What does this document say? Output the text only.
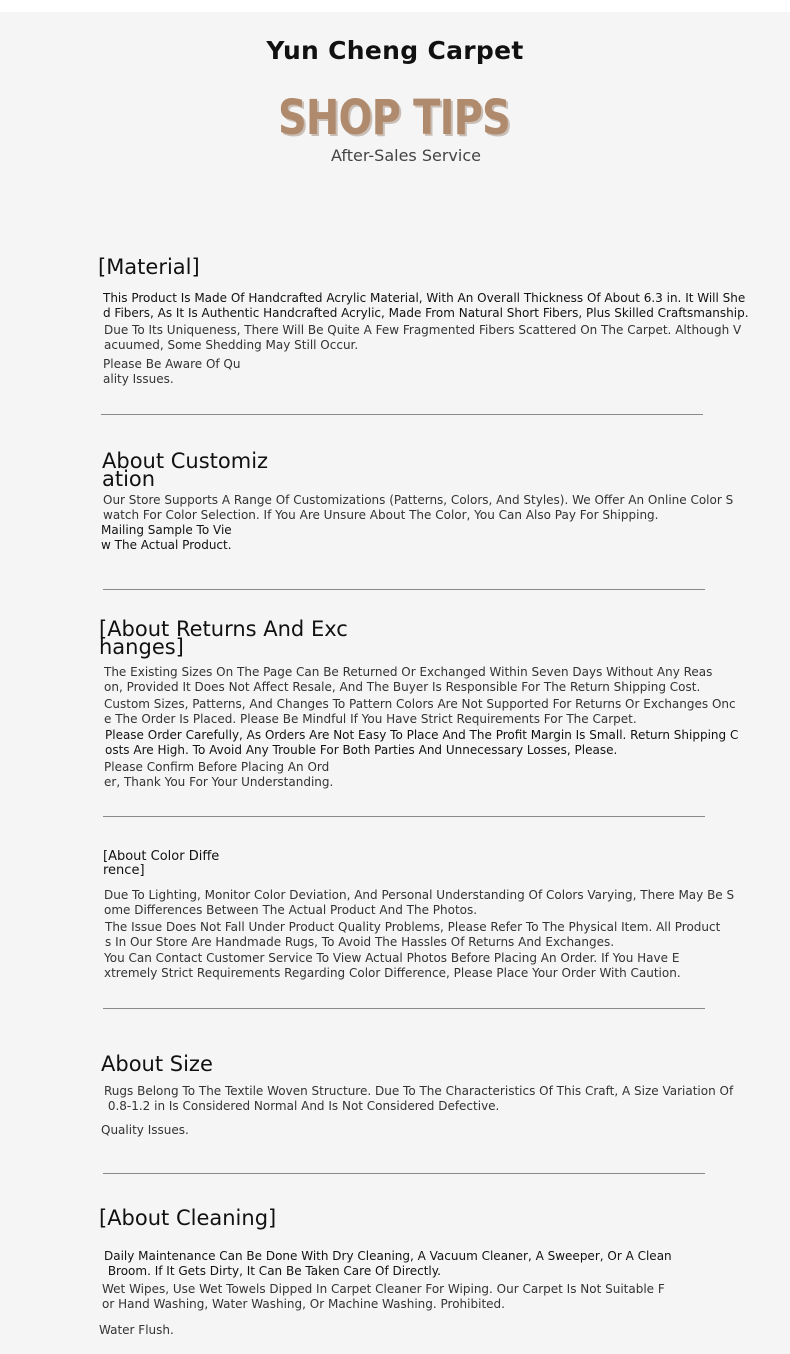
Yun Cheng Carpet
SHOP TIPS
SHOP TIPS
After-Sales Service
[Material]
This Product Is Made Of Handcrafted Acrylic Material, With An Overall Thickness Of About 6.3 in. It Will She
d Fibers, As It Is Authentic Handcrafted Acrylic, Made From Natural Short Fibers, Plus Skilled Craftsmanship.
Due To Its Uniqueness, There Will Be Quite A Few Fragmented Fibers Scattered On The Carpet. Although V
acuumed, Some Shedding May Still Occur.
Please Be Aware Of Qu
ality Issues.
About Customiz
ation
Our Store Supports A Range Of Customizations (Patterns, Colors, And Styles). We Offer An Online Color S
watch For Color Selection. If You Are Unsure About The Color, You Can Also Pay For Shipping.
Mailing Sample To Vie
w The Actual Product.
[About Returns And Exc
hanges]
The Existing Sizes On The Page Can Be Returned Or Exchanged Within Seven Days Without Any Reas
on, Provided It Does Not Affect Resale, And The Buyer Is Responsible For The Return Shipping Cost.
Custom Sizes, Patterns, And Changes To Pattern Colors Are Not Supported For Returns Or Exchanges Onc
e The Order Is Placed. Please Be Mindful If You Have Strict Requirements For The Carpet.
Please Order Carefully, As Orders Are Not Easy To Place And The Profit Margin Is Small. Return Shipping C
osts Are High. To Avoid Any Trouble For Both Parties And Unnecessary Losses, Please.
Please Confirm Before Placing An Ord
er, Thank You For Your Understanding.
[About Color Diffe
rence]
Due To Lighting, Monitor Color Deviation, And Personal Understanding Of Colors Varying, There May Be S
ome Differences Between The Actual Product And The Photos.
The Issue Does Not Fall Under Product Quality Problems, Please Refer To The Physical Item. All Product
s In Our Store Are Handmade Rugs, To Avoid The Hassles Of Returns And Exchanges.
You Can Contact Customer Service To View Actual Photos Before Placing An Order. If You Have E
xtremely Strict Requirements Regarding Color Difference, Please Place Your Order With Caution.
About Size
Rugs Belong To The Textile Woven Structure. Due To The Characteristics Of This Craft, A Size Variation Of
0.8-1.2 in Is Considered Normal And Is Not Considered Defective.
Quality Issues.
[About Cleaning]
Daily Maintenance Can Be Done With Dry Cleaning, A Vacuum Cleaner, A Sweeper, Or A Clean
Broom. If It Gets Dirty, It Can Be Taken Care Of Directly.
Wet Wipes, Use Wet Towels Dipped In Carpet Cleaner For Wiping. Our Carpet Is Not Suitable F
or Hand Washing, Water Washing, Or Machine Washing. Prohibited.
Water Flush.
